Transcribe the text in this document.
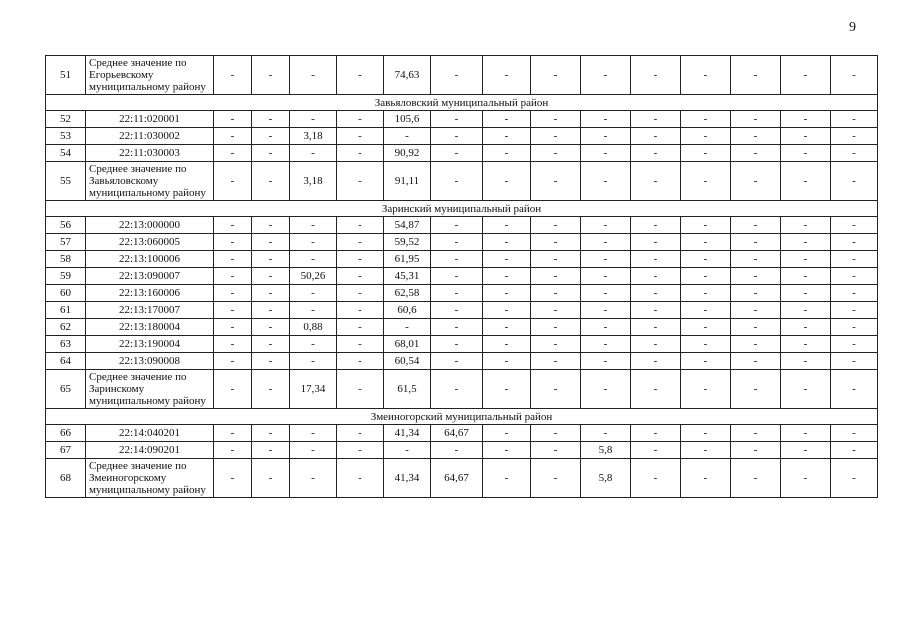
9
51	Среднее значение по Егорьевскому муниципальному району	-	-	-	-	74,63	-	-	-	-	-	-	-	-	-
Завьяловский муниципальный район															
52	22:11:020001	-	-	-	-	105,6	-	-	-	-	-	-	-	-	-
53	22:11:030002	-	-	3,18	-	-	-	-	-	-	-	-	-	-	-
54	22:11:030003	-	-	-	-	90,92	-	-	-	-	-	-	-	-	-
55	Среднее значение по Завьяловскому муниципальному району	-	-	3,18	-	91,11	-	-	-	-	-	-	-	-	-
Заринский муниципальный район															
56	22:13:000000	-	-	-	-	54,87	-	-	-	-	-	-	-	-	-
57	22:13:060005	-	-	-	-	59,52	-	-	-	-	-	-	-	-	-
58	22:13:100006	-	-	-	-	61,95	-	-	-	-	-	-	-	-	-
59	22:13:090007	-	-	50,26	-	45,31	-	-	-	-	-	-	-	-	-
60	22:13:160006	-	-	-	-	62,58	-	-	-	-	-	-	-	-	-
61	22:13:170007	-	-	-	-	60,6	-	-	-	-	-	-	-	-	-
62	22:13:180004	-	-	0,88	-	-	-	-	-	-	-	-	-	-	-
63	22:13:190004	-	-	-	-	68,01	-	-	-	-	-	-	-	-	-
64	22:13:090008	-	-	-	-	60,54	-	-	-	-	-	-	-	-	-
65	Среднее значение по Заринскому муниципальному району	-	-	17,34	-	61,5	-	-	-	-	-	-	-	-	-
Змеиногорский муниципальный район															
66	22:14:040201	-	-	-	-	41,34	64,67	-	-	-	-	-	-	-	-
67	22:14:090201	-	-	-	-	-	-	-	-	5,8	-	-	-	-	-
68	Среднее значение по Змеиногорскому муниципальному району	-	-	-	-	41,34	64,67	-	-	5,8	-	-	-	-	-
